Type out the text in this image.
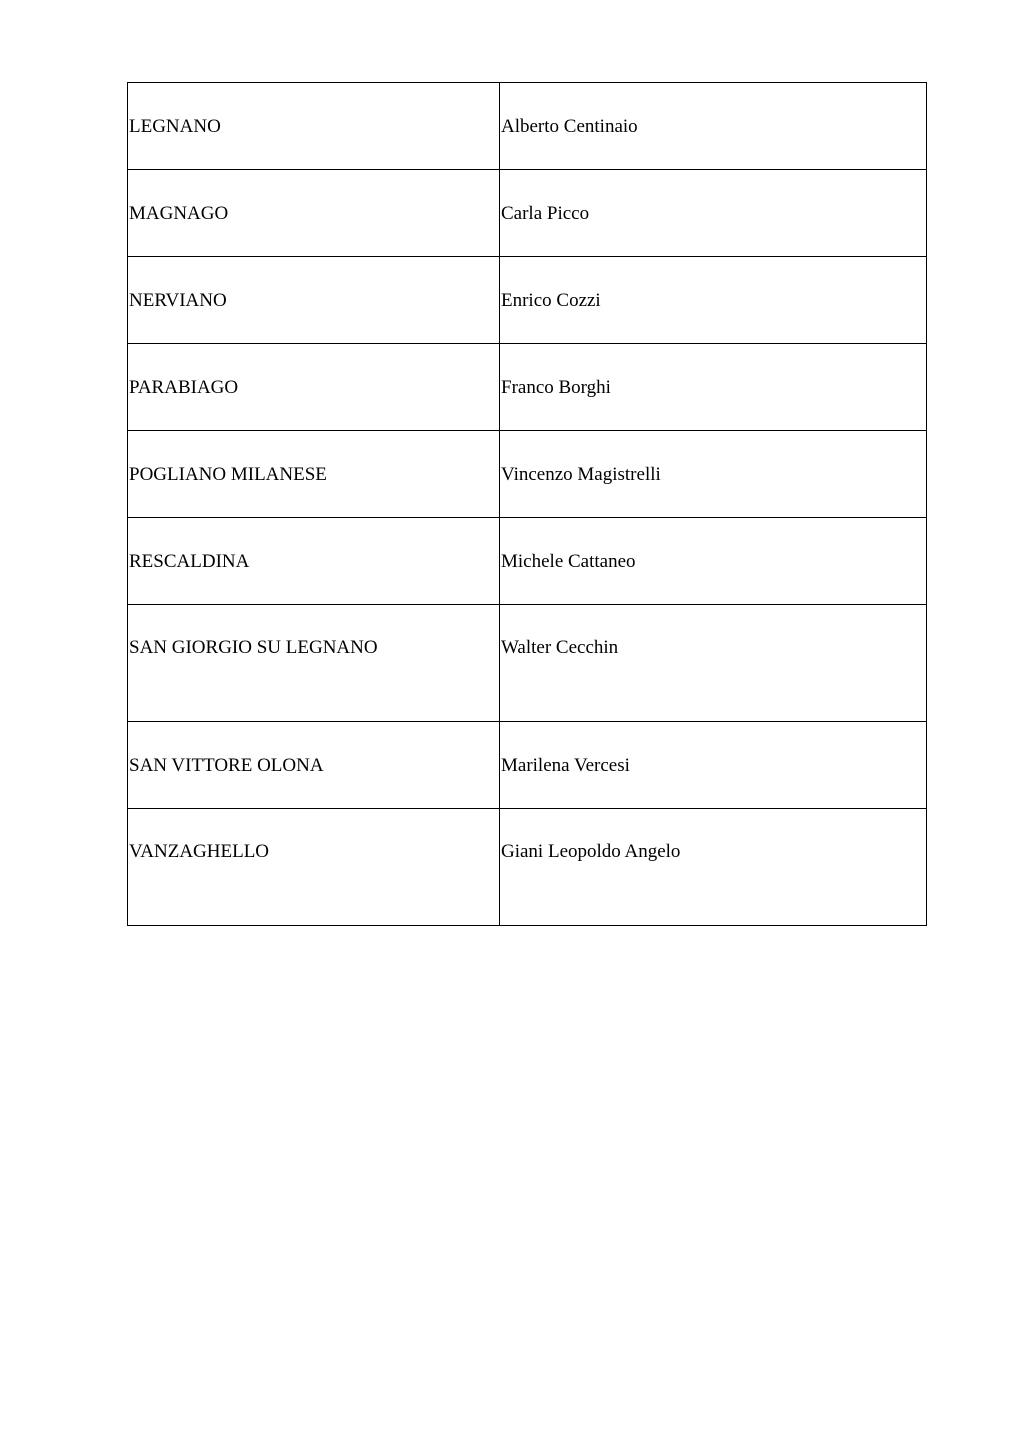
LEGNANO	Alberto Centinaio
MAGNAGO	Carla Picco
NERVIANO	Enrico Cozzi
PARABIAGO	Franco Borghi
POGLIANO MILANESE	Vincenzo Magistrelli
RESCALDINA	Michele Cattaneo
SAN GIORGIO SU LEGNANO	Walter Cecchin
SAN VITTORE OLONA	Marilena Vercesi
VANZAGHELLO	Giani Leopoldo Angelo
